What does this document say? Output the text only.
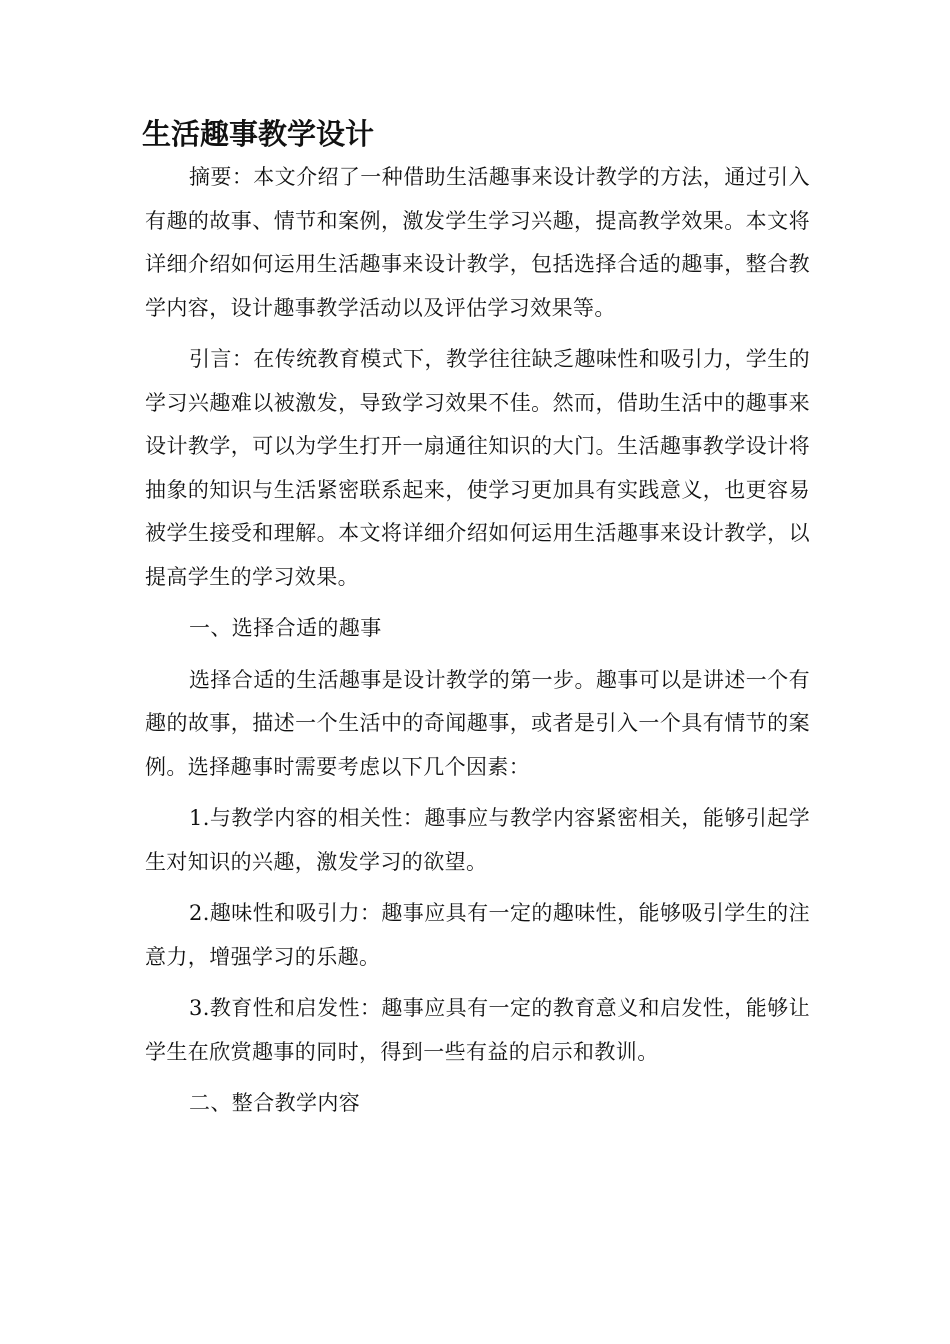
生活趣事教学设计

摘要：本文介绍了一种借助生活趣事来设计教学的方法，通过引入有趣的故事、情节和案例，激发学生学习兴趣，提高教学效果。本文将详细介绍如何运用生活趣事来设计教学，包括选择合适的趣事，整合教学内容，设计趣事教学活动以及评估学习效果等。

引言：在传统教育模式下，教学往往缺乏趣味性和吸引力，学生的学习兴趣难以被激发，导致学习效果不佳。然而，借助生活中的趣事来设计教学，可以为学生打开一扇通往知识的大门。生活趣事教学设计将抽象的知识与生活紧密联系起来，使学习更加具有实践意义，也更容易被学生接受和理解。本文将详细介绍如何运用生活趣事来设计教学，以提高学生的学习效果。

一、选择合适的趣事

选择合适的生活趣事是设计教学的第一步。趣事可以是讲述一个有趣的故事，描述一个生活中的奇闻趣事，或者是引入一个具有情节的案例。选择趣事时需要考虑以下几个因素：

1.与教学内容的相关性：趣事应与教学内容紧密相关，能够引起学生对知识的兴趣，激发学习的欲望。

2.趣味性和吸引力：趣事应具有一定的趣味性，能够吸引学生的注意力，增强学习的乐趣。

3.教育性和启发性：趣事应具有一定的教育意义和启发性，能够让学生在欣赏趣事的同时，得到一些有益的启示和教训。

二、整合教学内容
